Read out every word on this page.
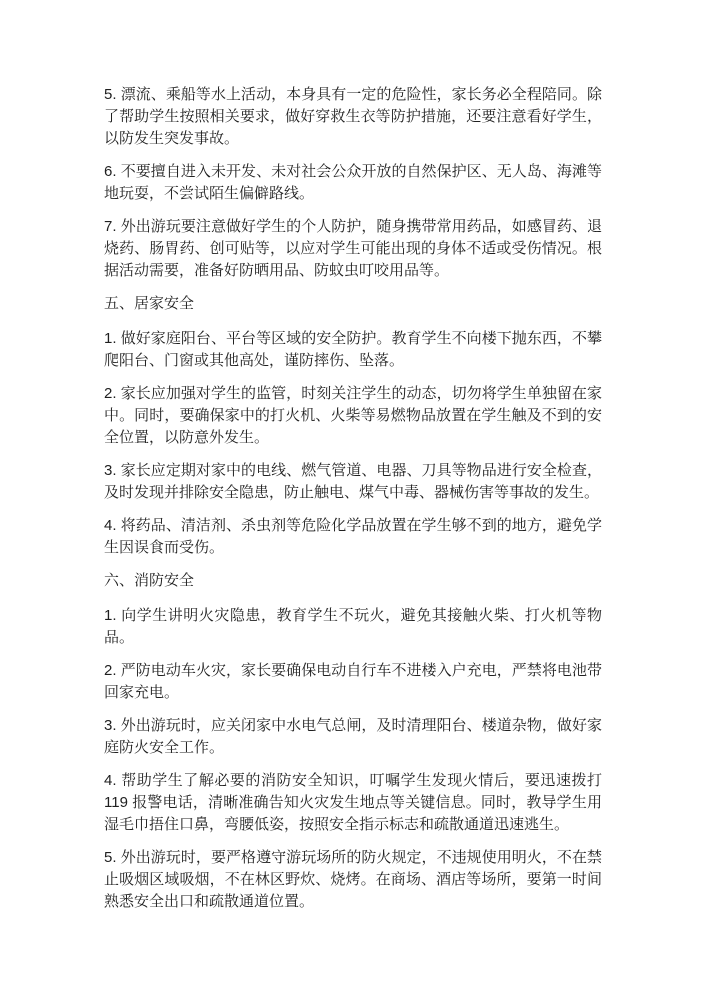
5. 漂流、乘船等水上活动，本身具有一定的危险性，家长务必全程陪同。除了帮助学生按照相关要求，做好穿救生衣等防护措施，还要注意看好学生，以防发生突发事故。

6. 不要擅自进入未开发、未对社会公众开放的自然保护区、无人岛、海滩等地玩耍，不尝试陌生偏僻路线。

7. 外出游玩要注意做好学生的个人防护，随身携带常用药品，如感冒药、退烧药、肠胃药、创可贴等，以应对学生可能出现的身体不适或受伤情况。根据活动需要，准备好防晒用品、防蚊虫叮咬用品等。

五、居家安全

1. 做好家庭阳台、平台等区域的安全防护。教育学生不向楼下抛东西，不攀爬阳台、门窗或其他高处，谨防摔伤、坠落。

2. 家长应加强对学生的监管，时刻关注学生的动态，切勿将学生单独留在家中。同时，要确保家中的打火机、火柴等易燃物品放置在学生触及不到的安全位置，以防意外发生。

3. 家长应定期对家中的电线、燃气管道、电器、刀具等物品进行安全检查，及时发现并排除安全隐患，防止触电、煤气中毒、器械伤害等事故的发生。

4. 将药品、清洁剂、杀虫剂等危险化学品放置在学生够不到的地方，避免学生因误食而受伤。

六、消防安全

1. 向学生讲明火灾隐患，教育学生不玩火，避免其接触火柴、打火机等物品。

2. 严防电动车火灾，家长要确保电动自行车不进楼入户充电，严禁将电池带回家充电。

3. 外出游玩时，应关闭家中水电气总闸，及时清理阳台、楼道杂物，做好家庭防火安全工作。

4. 帮助学生了解必要的消防安全知识，叮嘱学生发现火情后，要迅速拨打 119 报警电话，清晰准确告知火灾发生地点等关键信息。同时，教导学生用湿毛巾捂住口鼻，弯腰低姿，按照安全指示标志和疏散通道迅速逃生。

5. 外出游玩时，要严格遵守游玩场所的防火规定，不违规使用明火，不在禁止吸烟区域吸烟，不在林区野炊、烧烤。在商场、酒店等场所，要第一时间熟悉安全出口和疏散通道位置。
